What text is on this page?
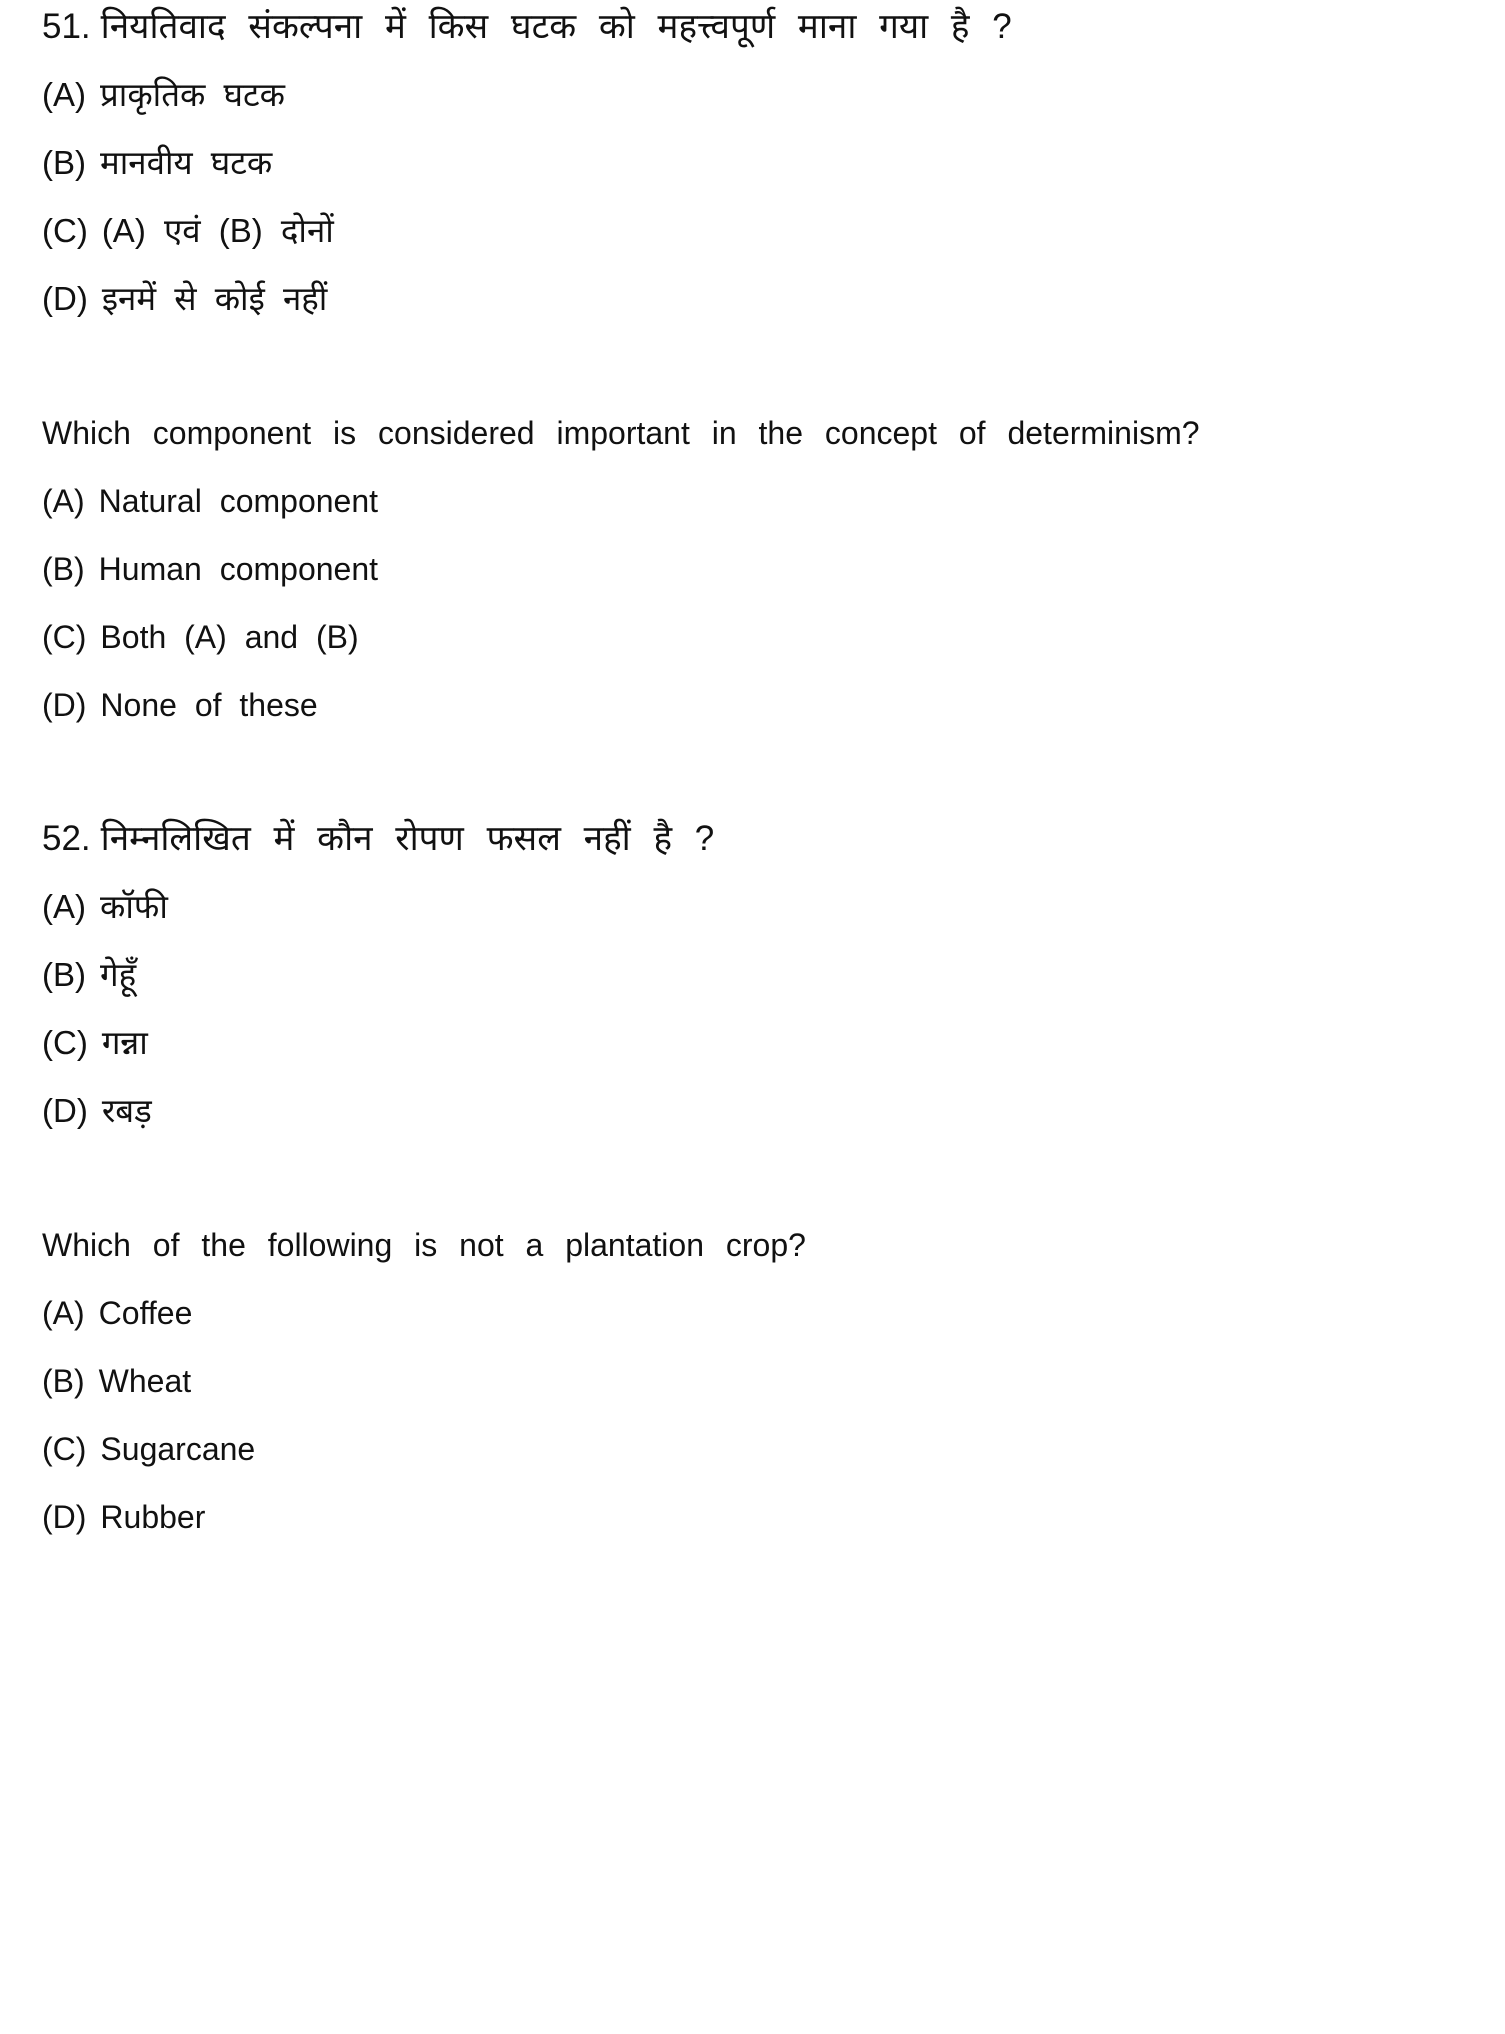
51. नियतिवाद संकल्पना में किस घटक को महत्त्वपूर्ण माना गया है ?
(A) प्राकृतिक घटक
(B) मानवीय घटक
(C) (A) एवं (B) दोनों
(D) इनमें से कोई नहीं
Which component is considered important in the concept of determinism?
(A) Natural component
(B) Human component
(C) Both (A) and (B)
(D) None of these
52. निम्नलिखित में कौन रोपण फसल नहीं है ?
(A) कॉफी
(B) गेहूँ
(C) गन्ना
(D) रबड़
Which of the following is not a plantation crop?
(A) Coffee
(B) Wheat
(C) Sugarcane
(D) Rubber
